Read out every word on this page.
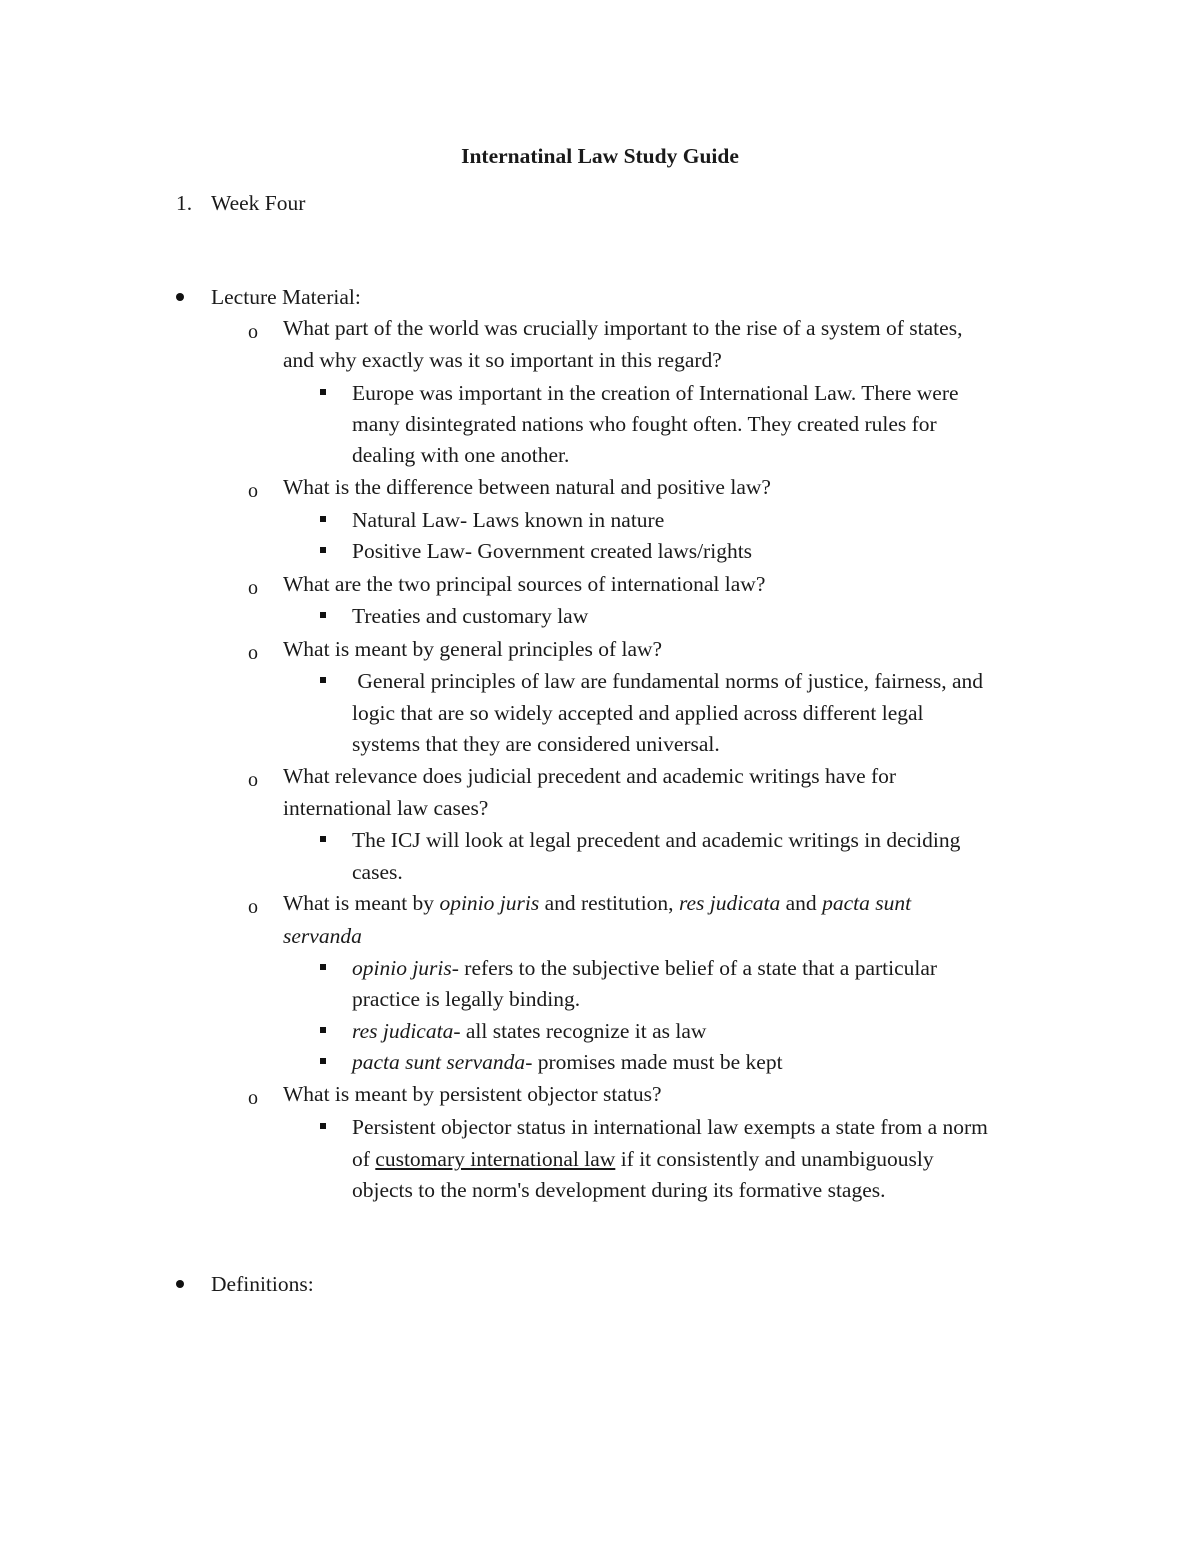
Internatinal Law Study Guide
1. Week Four
Lecture Material:
o What part of the world was crucially important to the rise of a system of states,
and why exactly was it so important in this regard?
Europe was important in the creation of International Law. There were
many disintegrated nations who fought often. They created rules for
dealing with one another.
o What is the difference between natural and positive law?
Natural Law- Laws known in nature
Positive Law- Government created laws/rights
o What are the two principal sources of international law?
Treaties and customary law
o What is meant by general principles of law?
General principles of law are fundamental norms of justice, fairness, and
logic that are so widely accepted and applied across different legal
systems that they are considered universal.
o What relevance does judicial precedent and academic writings have for
international law cases?
The ICJ will look at legal precedent and academic writings in deciding
cases.
o What is meant by opinio juris and restitution, res judicata and pacta sunt
servanda
opinio juris- refers to the subjective belief of a state that a particular
practice is legally binding.
res judicata- all states recognize it as law
pacta sunt servanda- promises made must be kept
o What is meant by persistent objector status?
Persistent objector status in international law exempts a state from a norm
of customary international law if it consistently and unambiguously
objects to the norm's development during its formative stages.
Definitions:
